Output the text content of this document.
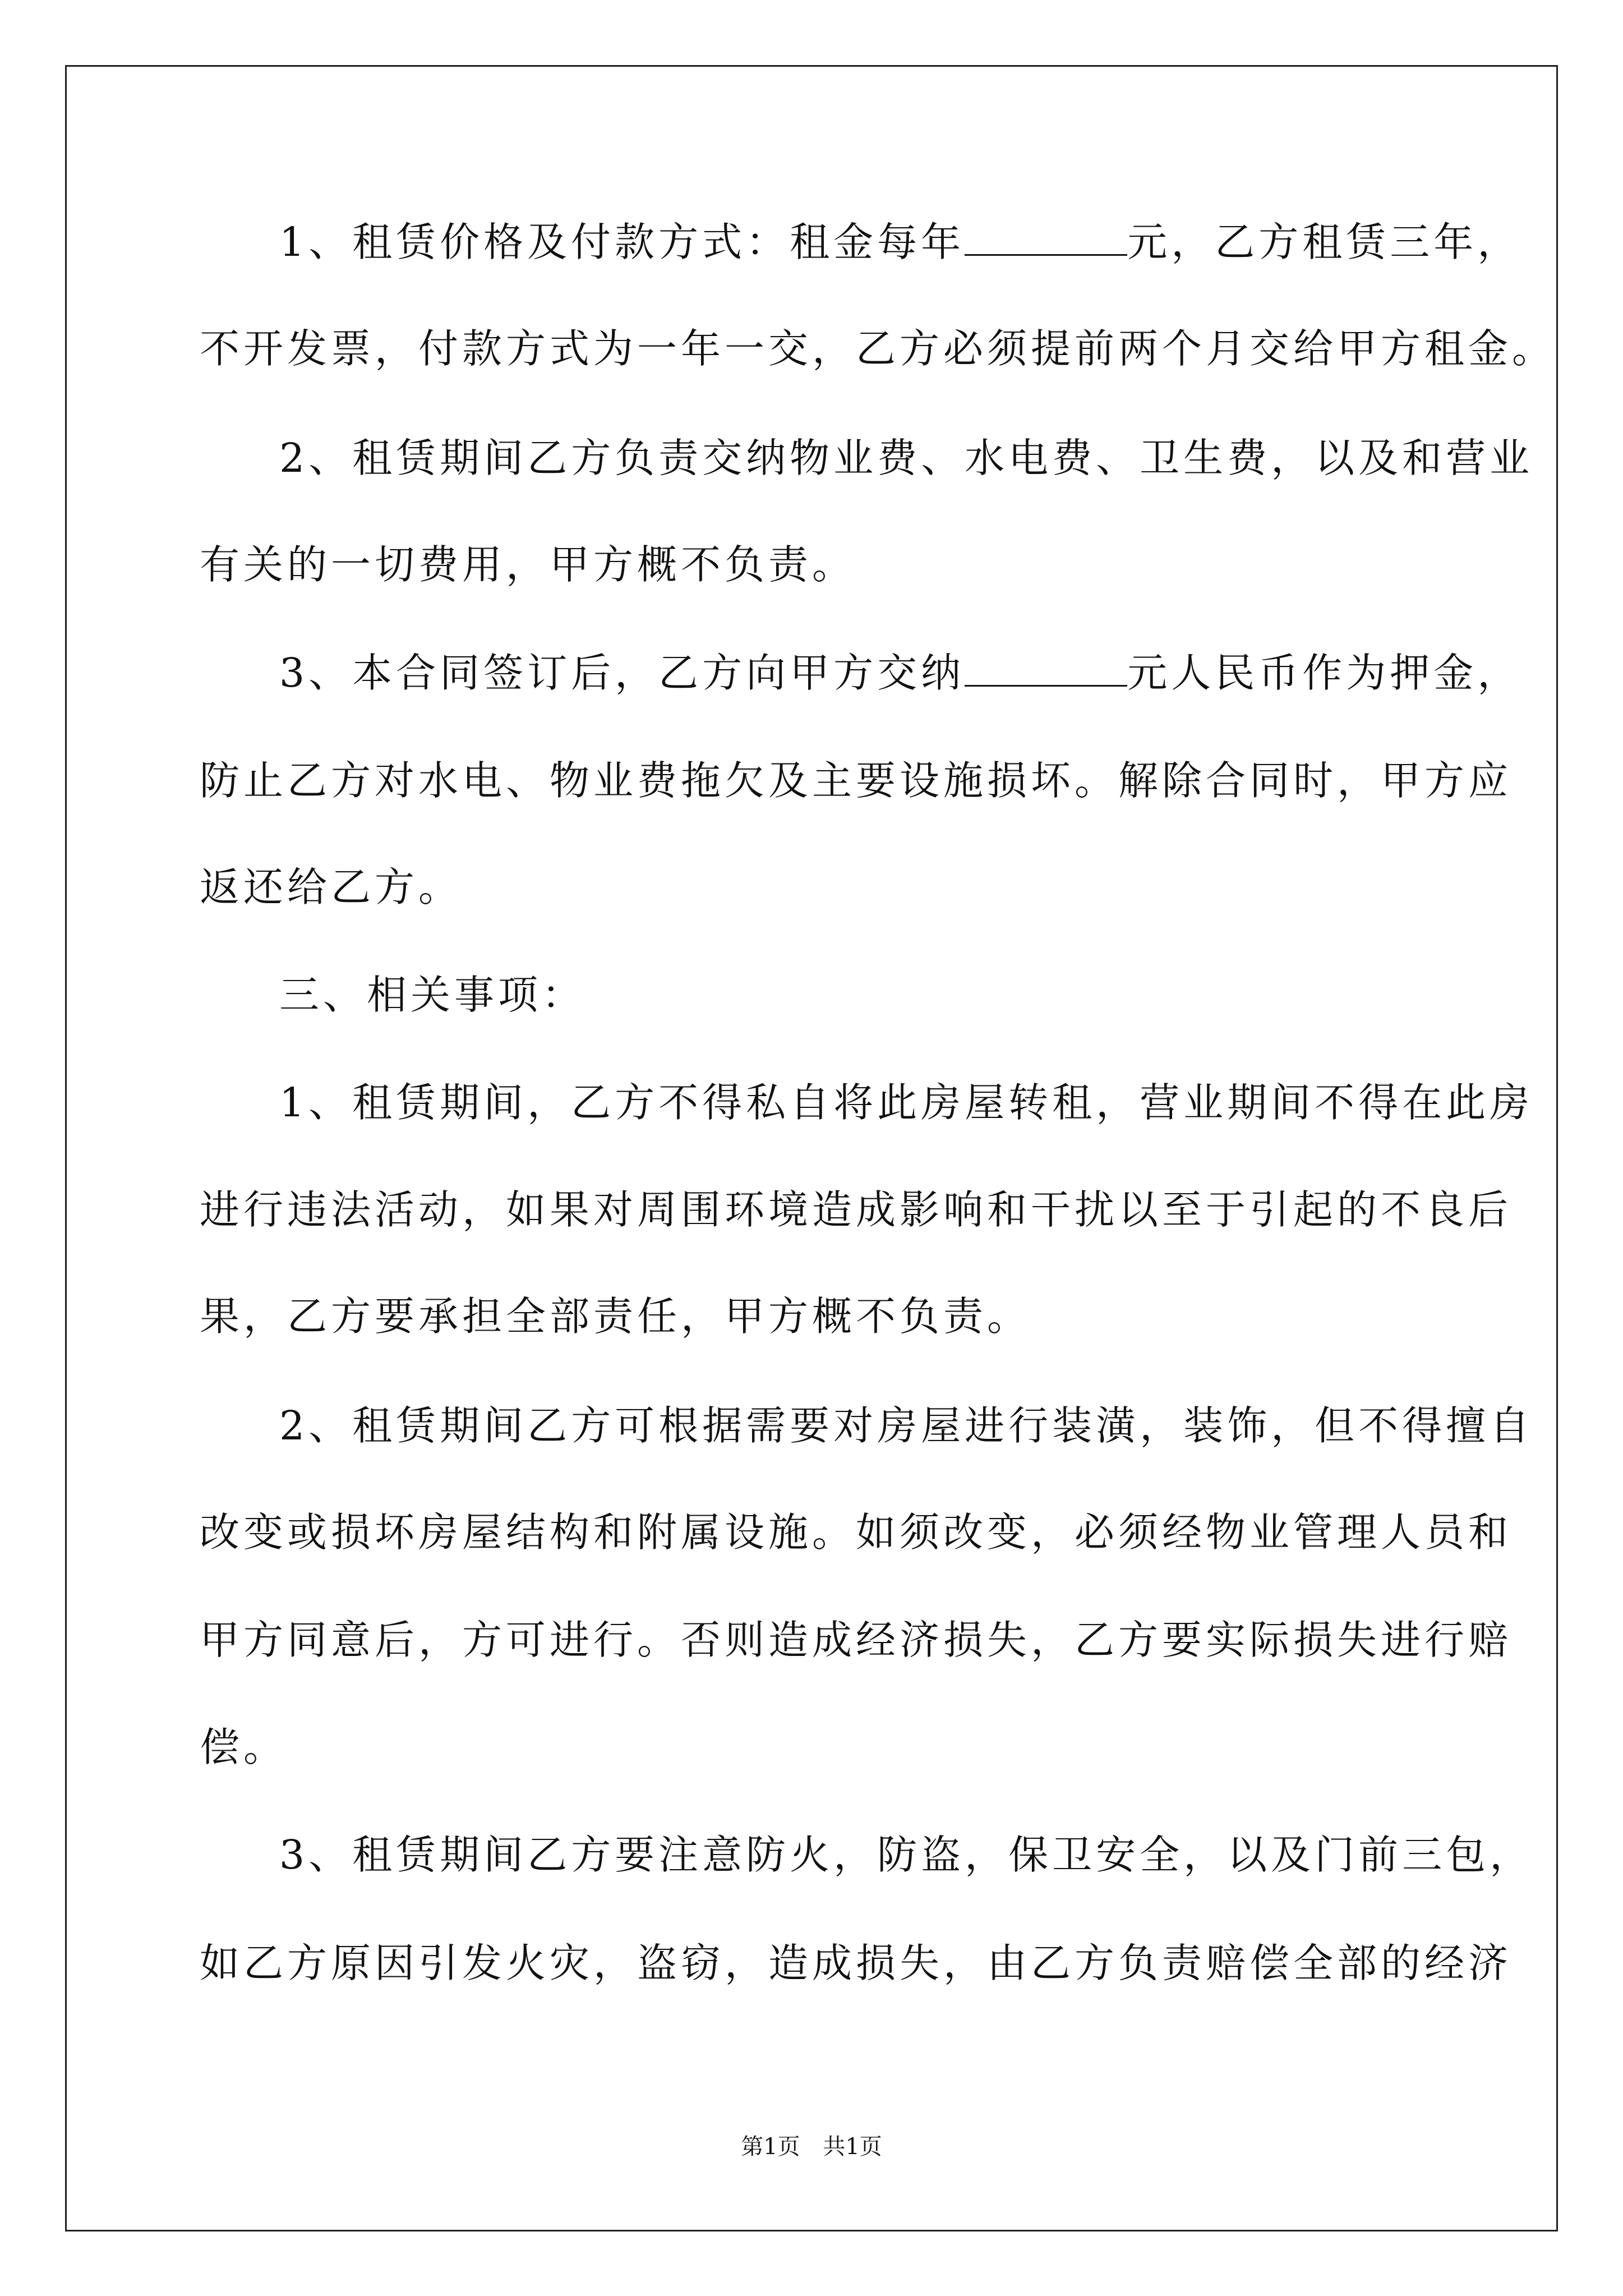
1、租赁价格及付款方式：租金每年	元，乙方租赁三年，
不开发票，付款方式为一年一交，乙方必须提前两个月交给甲方租金。
2、租赁期间乙方负责交纳物业费、水电费、卫生费，以及和营业
有关的一切费用，甲方概不负责。
3、本合同签订后，乙方向甲方交纳	元人民币作为押金，
防止乙方对水电、物业费拖欠及主要设施损坏。解除合同时，甲方应
返还给乙方。
三、相关事项：
1、租赁期间，乙方不得私自将此房屋转租，营业期间不得在此房
进行违法活动，如果对周围环境造成影响和干扰以至于引起的不良后
果，乙方要承担全部责任，甲方概不负责。
2、租赁期间乙方可根据需要对房屋进行装潢，装饰，但不得擅自
改变或损坏房屋结构和附属设施。如须改变，必须经物业管理人员和
甲方同意后，方可进行。否则造成经济损失，乙方要实际损失进行赔
偿。
3、租赁期间乙方要注意防火，防盗，保卫安全，以及门前三包，
如乙方原因引发火灾，盗窃，造成损失，由乙方负责赔偿全部的经济
第1页 共1页
